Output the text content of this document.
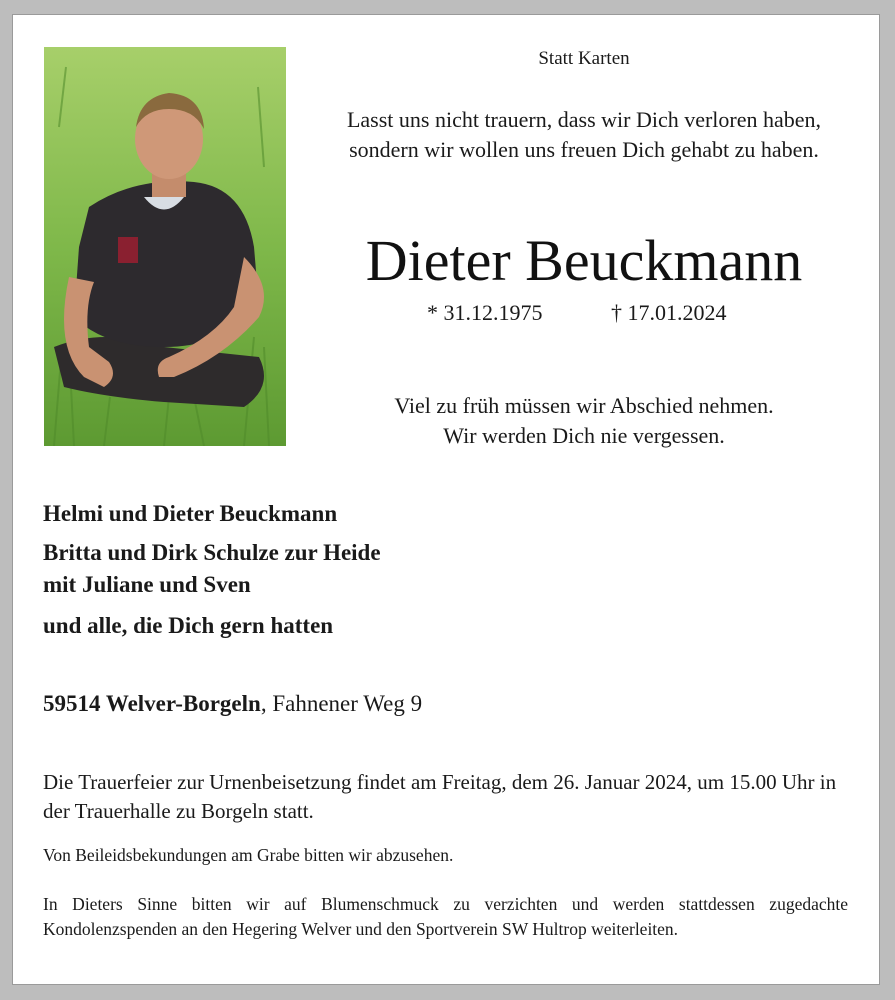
Statt Karten
Lasst uns nicht trauern, dass wir Dich verloren haben,
sondern wir wollen uns freuen Dich gehabt zu haben.
Dieter Beuckmann
* 31.12.1975	† 17.01.2024
Viel zu früh müssen wir Abschied nehmen.
Wir werden Dich nie vergessen.
Helmi und Dieter Beuckmann
Britta und Dirk Schulze zur Heide
mit Juliane und Sven
und alle, die Dich gern hatten
59514 Welver-Borgeln, Fahnener Weg 9
Die Trauerfeier zur Urnenbeisetzung findet am Freitag, dem 26. Januar 2024, um 15.00 Uhr in der Trauerhalle zu Borgeln statt.
Von Beileidsbekundungen am Grabe bitten wir abzusehen.
In Dieters Sinne bitten wir auf Blumenschmuck zu verzichten und werden stattdessen zugedachte Kondolenzspenden an den Hegering Welver und den Sportverein SW Hultrop weiterleiten.
